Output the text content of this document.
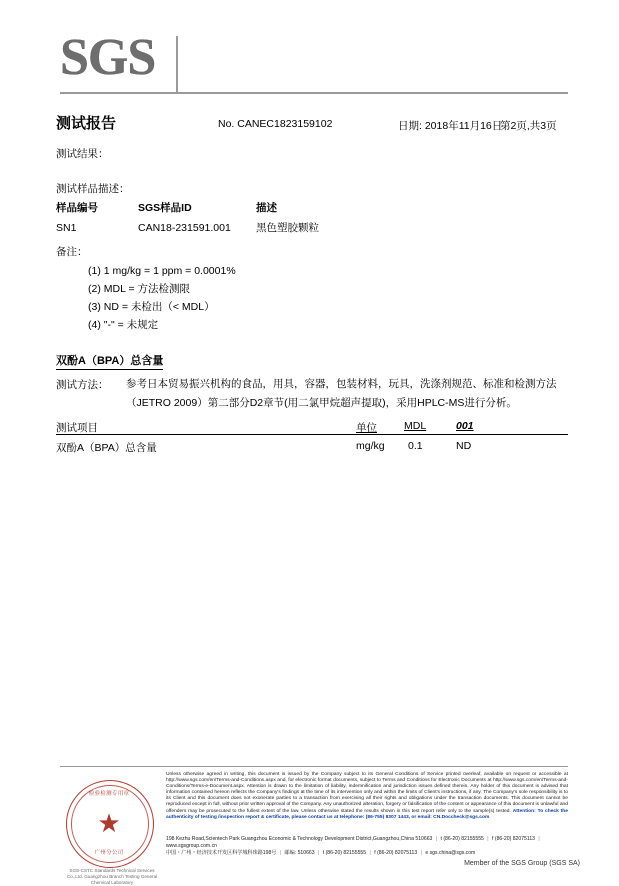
SGS
测试报告	No. CANEC1823159102	日期: 2018年11月16日
第2页,共3页
测试结果：
测试样品描述：
样品编号	SGS样品ID	描述
SN1	CAN18-231591.001	黑色塑胶颗粒
备注：
(1) 1 mg/kg = 1 ppm = 0.0001%
(2) MDL = 方法检测限
(3) ND = 未检出（< MDL）
(4) "-" = 未规定
双酚A（BPA）总含量
测试方法： 参考日本贸易振兴机构的食品，用具，容器，包装材料，玩具，洗涤剂规范、标准和检测方法（JETRO 2009）第二部分D2章节(用二氯甲烷超声提取)，采用HPLC-MS进行分析。
测试项目	单位	MDL	001
双酚A（BPA）总含量	mg/kg 0.1	ND
检验检测专用章
★
广州分公司
SGS-CSTC Standards Technical Services Co.,Ltd. Guangzhou Branch Testing General Chemical Laboratory
Unless otherwise agreed in writing, this document is issued by the Company subject to its General Conditions of Service printed overleaf, available on request or accessible at http://www.sgs.com/en/Terms-and-Conditions.aspx and, for electronic format documents, subject to Terms and Conditions for Electronic Documents at http://www.sgs.com/en/Terms-and-Conditions/Terms-e-Document.aspx. Attention is drawn to the limitation of liability, indemnification and jurisdiction issues defined therein. Any holder of this document is advised that information contained hereon reflects the Company's findings at the time of its intervention only and within the limits of Client's instructions, if any. The Company's sole responsibility is to its Client and this document does not exonerate parties to a transaction from exercising all their rights and obligations under the transaction documents. This document cannot be reproduced except in full, without prior written approval of the Company. Any unauthorized alteration, forgery or falsification of the content or appearance of this document is unlawful and offenders may be prosecuted to the fullest extent of the law. Unless otherwise stated the results shown in this test report refer only to the sample(s) tested. Attention: To check the authenticity of testing /inspection report & certificate, please contact us at telephone: (86-755) 8307 1443, or email: CN.Doccheck@sgs.com
198 Kezhu Road,Scientech Park Guangzhou Economic & Technology Development District,Guangzhou,China 510663 | t (86-20) 82155555 | f (86-20) 82075113 | www.sgsgroup.com.cn
中国・广州・经济技术开发区科学城科珠路198号 | 邮编: 510663 | t (86-20) 82155555 | f (86-20) 82075113 | e sgs.china@sgs.com
Member of the SGS Group (SGS SA)
